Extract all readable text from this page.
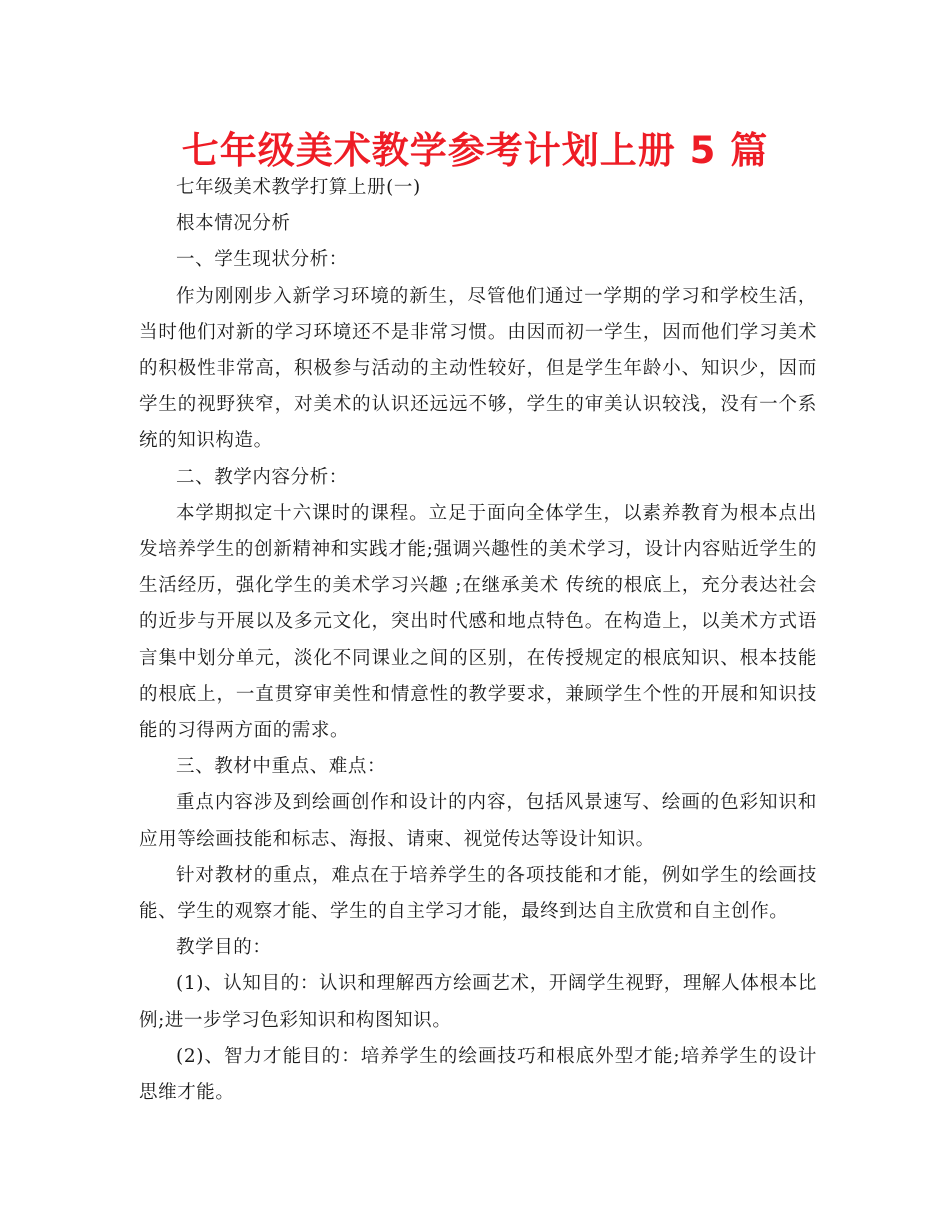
七年级美术教学参考计划上册 5 篇

七年级美术教学打算上册(一)

根本情况分析

一、学生现状分析：

作为刚刚步入新学习环境的新生，尽管他们通过一学期的学习和学校生活，当时他们对新的学习环境还不是非常习惯。由因而初一学生，因而他们学习美术的积极性非常高，积极参与活动的主动性较好，但是学生年龄小、知识少，因而学生的视野狭窄，对美术的认识还远远不够，学生的审美认识较浅，没有一个系统的知识构造。

二、教学内容分析：

本学期拟定十六课时的课程。立足于面向全体学生，以素养教育为根本点出发培养学生的创新精神和实践才能;强调兴趣性的美术学习，设计内容贴近学生的生活经历，强化学生的美术学习兴趣 ;在继承美术 传统的根底上，充分表达社会的近步与开展以及多元文化，突出时代感和地点特色。在构造上，以美术方式语言集中划分单元，淡化不同课业之间的区别，在传授规定的根底知识、根本技能的根底上，一直贯穿审美性和情意性的教学要求，兼顾学生个性的开展和知识技能的习得两方面的需求。

三、教材中重点、难点：

重点内容涉及到绘画创作和设计的内容，包括风景速写、绘画的色彩知识和应用等绘画技能和标志、海报、请柬、视觉传达等设计知识。

针对教材的重点，难点在于培养学生的各项技能和才能，例如学生的绘画技能、学生的观察才能、学生的自主学习才能，最终到达自主欣赏和自主创作。

教学目的：

(1)、认知目的：认识和理解西方绘画艺术，开阔学生视野，理解人体根本比例;进一步学习色彩知识和构图知识。

(2)、智力才能目的：培养学生的绘画技巧和根底外型才能;培养学生的设计思维才能。
